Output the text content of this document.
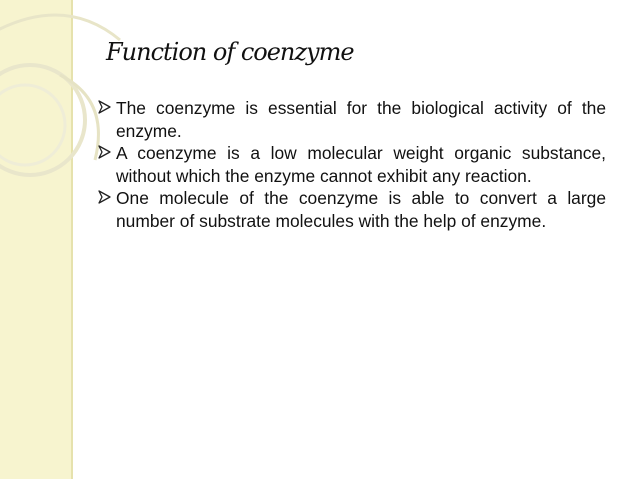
Function of coenzyme
The coenzyme is essential for the biological activity of the enzyme.
A coenzyme is a low molecular weight organic substance, without which the enzyme cannot exhibit any reaction.
One molecule of the coenzyme is able to convert a large number of substrate molecules with the help of enzyme.
